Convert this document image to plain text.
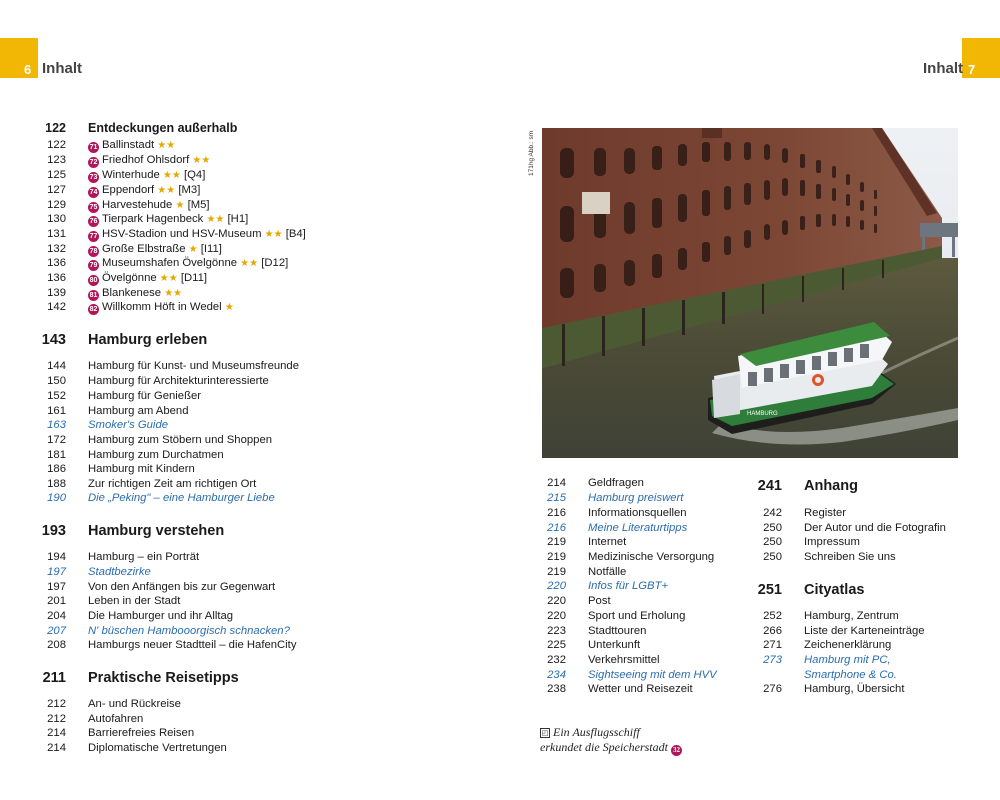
6 Inhalt	7
Inhalt
122 Entdeckungen außerhalb
122	71 Ballinstadt ★★
123	72 Friedhof Ohlsdorf ★★
125	73 Winterhude ★★ [Q4]
127	74 Eppendorf ★★ [M3]
129	75 Harvestehude ★ [M5]
130	76 Tierpark Hagenbeck ★★ [H1]
131	77 HSV-Stadion und HSV-Museum ★★ [B4]
132	78 Große Elbstraße ★ [I11]
136	79 Museumshafen Övelgönne ★★ [D12]
136	80 Övelgönne ★★ [D11]
139	81 Blankenese ★★
142	82 Willkomm Höft in Wedel ★
143 Hamburg erleben
144 Hamburg für Kunst- und Museumsfreunde
150 Hamburg für Architekturinteressierte
152 Hamburg für Genießer
161 Hamburg am Abend
163 Smoker's Guide
172 Hamburg zum Stöbern und Shoppen
181 Hamburg zum Durchatmen
186 Hamburg mit Kindern
188 Zur richtigen Zeit am richtigen Ort
190 Die „Peking" – eine Hamburger Liebe
193 Hamburg verstehen
194 Hamburg – ein Porträt
197 Stadtbezirke
197 Von den Anfängen bis zur Gegenwart
201 Leben in der Stadt
204 Die Hamburger und ihr Alltag
207 N' büschen Hambooorgisch schnacken?
208 Hamburgs neuer Stadtteil – die HafenCity
211 Praktische Reisetipps
212 An- und Rückreise
212 Autofahren
214 Barrierefreies Reisen
214 Diplomatische Vertretungen
214 Geldfragen
215 Hamburg preiswert
216 Informationsquellen
216 Meine Literaturtipps
219 Internet
219 Medizinische Versorgung
219 Notfälle
220 Infos für LGBT+
220 Post
220 Sport und Erholung
223 Stadttouren
225 Unterkunft
232 Verkehrsmittel
234 Sightseeing mit dem HVV
238 Wetter und Reisezeit
241 Anhang
242 Register
250 Der Autor und die Fotografin
250 Impressum
250 Schreiben Sie uns
251 Cityatlas
252 Hamburg, Zentrum
266 Liste der Karteneinträge
271 Zeichenerklärung
273 Hamburg mit PC,
Smartphone & Co.
276 Hamburg, Übersicht
171hg Abb.: sm
HAMBURG
◰ Ein Ausflugsschiff
erkundet die Speicherstadt 32
